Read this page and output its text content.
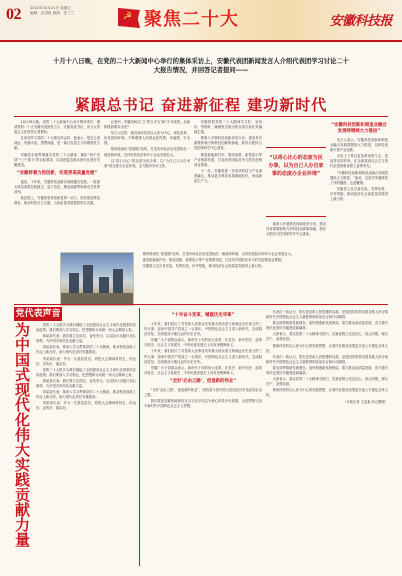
02	2022年10月21日 星期五
编辑：宣讲组 版面：张兰兰	☭ 聚焦二十大	安徽科技报
十月十八日晚，在党的二十大新闻中心举行的集体采访上，安徽代表团新闻发言人介绍代表团学习讨论二十
大报告情况，并回答记者提问——
紧跟总书记 奋进新征程 建功新时代

10月18日晚，党的二十大新闻中心举行集体采访，邀请党的二十大安徽代表团发言人、安徽省委书记、省人大常委会主任回答记者提问。

在谈到学习党的二十大报告体会时，他表示，报告立意高远、内涵丰富、思想深邃，是一篇马克思主义的纲领性文献。

安徽将全面贯彻落实党的二十大精神，紧扣“两个坚持”“三个着力”的目标要求，以奋进姿态推动现代化美好安徽建设。

“安徽将着力抓创新，实现更高质量发展”

他说，十年来，安徽科技创新实现跨越式发展，一批重大科技成果在皖诞生，量子信息、聚变能源等领域走在世界前列。

新征程上，安徽将坚持创新是第一动力，加快建设科技强省，推动科技自立自强，为高质量发展提供坚实支撑。

记者问：安徽如何以“立”的方式为“新”字号改革，从新阶段新要求出发？

发言人回答：我们始终坚持以人民为中心，深化改革，优化营商环境，不断增强人民群众获得感、幸福感、安全感。

要持续深化“放管服”改革，打造市场化法治化国际化一流营商环境，支持民营经济和中小企业发展壮大。

以“将心比心”的态度为民办事，以“为自己人办自家事”的态度办企业环境，全力服务市场主体。

安徽将把党的二十大精神学习好、宣传好、贯彻好，确保报告提出的各项目标任务落地生根。

要深入开展科技创新攻坚行动，建设具有重要影响力的科技创新策源地，抓好合肥综合性国家科学中心建设。

推进新能源汽车、集成电路、新型显示等产业集群发展，打造具有国际竞争力的先进制造业集群。

下一步，安徽将进一步加快科技与产业深度融合，推动更多科技成果就地转化，形成新质生产力。

“以将心比心的态度为民办事，以为自己人办自家事的态度办企业环境”
“安徽科技创新和制造业融合发展将继续大力推进”

发言人表示，安徽科技创新和制造业融合发展将继续大力推进，以科技创新引领产业创新。

全省上下将以更加昂扬的斗志、更加务实的作风，在全面建设社会主义现代化国家新征程上奋勇争先。

“安徽科技创新和制造业融合发展将继续大力推进。”他说，这是对安徽科技工作的激励，也是鞭策。

安徽将立足自身实际，发挥优势，补齐短板，推动经济社会高质量发展再上新台阶。

要深入开展科技创新攻坚行动，建设具有重要影响力的科技创新策源地，抓好合肥综合性国家科学中心建设。

要持续深化“放管服”改革，打造市场化法治化国际化一流营商环境，支持民营经济和中小企业发展壮大。

推进新能源汽车、集成电路、新型显示等产业集群发展，打造具有国际竞争力的先进制造业集群。

安徽将立足自身实际，发挥优势，补齐短板，推动经济社会高质量发展再上新台阶。

党代表声音
为中国式现代化伟大实践贡献力量	党的二十大报告为我们描绘了全面建设社会主义现代化国家的宏伟蓝图。我们要深入学习领会，把思想和行动统一到大会精神上来。

黄某某代表：我们要立足岗位，奋发有为，以实际行动践行初心使命，为中国式现代化贡献力量。

刘某某代表：要深入学习贯彻党的二十大精神，推动科技创新工作迈上新台阶，助力现代化美好安徽建设。

李某某代表：作为一名基层党员，将把大会精神带回去，传达好、宣传好、落实好。

党的二十大报告为我们描绘了全面建设社会主义现代化国家的宏伟蓝图。我们要深入学习领会，把思想和行动统一到大会精神上来。

黄某某代表：我们要立足岗位，奋发有为，以实际行动践行初心使命，为中国式现代化贡献力量。

刘某某代表：要深入学习贯彻党的二十大精神，推动科技创新工作迈上新台阶，助力现代化美好安徽建设。

李某某代表：作为一名基层党员，将把大会精神带回去，传达好、宣传好、落实好。

“十年奋斗变革，铺就历史华章”

十年来，我们经历了对党和人民事业具有重大现实意义和深远历史意义的三件大事：迎来中国共产党成立一百周年，中国特色社会主义进入新时代，完成脱贫攻坚、全面建成小康社会的历史任务。

安徽广大干部群众表示，新时代十年的伟大变革，在党史、新中国史、改革开放史、社会主义发展史、中华民族发展史上具有里程碑意义。

十年来，我们经历了对党和人民事业具有重大现实意义和深远历史意义的三件大事：迎来中国共产党成立一百周年，中国特色社会主义进入新时代，完成脱贫攻坚、全面建成小康社会的历史任务。

安徽广大干部群众表示，新时代十年的伟大变革，在党史、新中国史、改革开放史、社会主义发展史、中华民族发展史上具有里程碑意义。

“走好‘必由之路’，创造新的伟业”

“走好‘必由之路’，创造新的伟业”，团结奋斗是中国人民创造历史伟业的必由之路。

我们要更加紧密地团结在以习近平同志为核心的党中央周围，全面贯彻习近平新时代中国特色社会主义思想。

代表们一致认为，报告是党和人民智慧的结晶，是党团结带领全国各族人民夺取新时代中国特色社会主义新胜利的政治宣言和行动纲领。

要全面贯彻新发展理念，加快构建新发展格局，着力推动高质量发展，奋力谱写现代化美好安徽建设新篇章。

大家表示，将以党的二十大精神为指引，在新征程上坚定信心、同心同德，埋头苦干、奋勇前进。

要始终坚持以人民为中心的发展思想，让现代化建设成果更多更公平惠及全体人民。

代表们一致认为，报告是党和人民智慧的结晶，是党团结带领全国各族人民夺取新时代中国特色社会主义新胜利的政治宣言和行动纲领。

要全面贯彻新发展理念，加快构建新发展格局，着力推动高质量发展，奋力谱写现代化美好安徽建设新篇章。

大家表示，将以党的二十大精神为指引，在新征程上坚定信心、同心同德，埋头苦干、奋勇前进。

要始终坚持以人民为中心的发展思想，让现代化建设成果更多更公平惠及全体人民。

（本报记者 王某某 综合整理）
